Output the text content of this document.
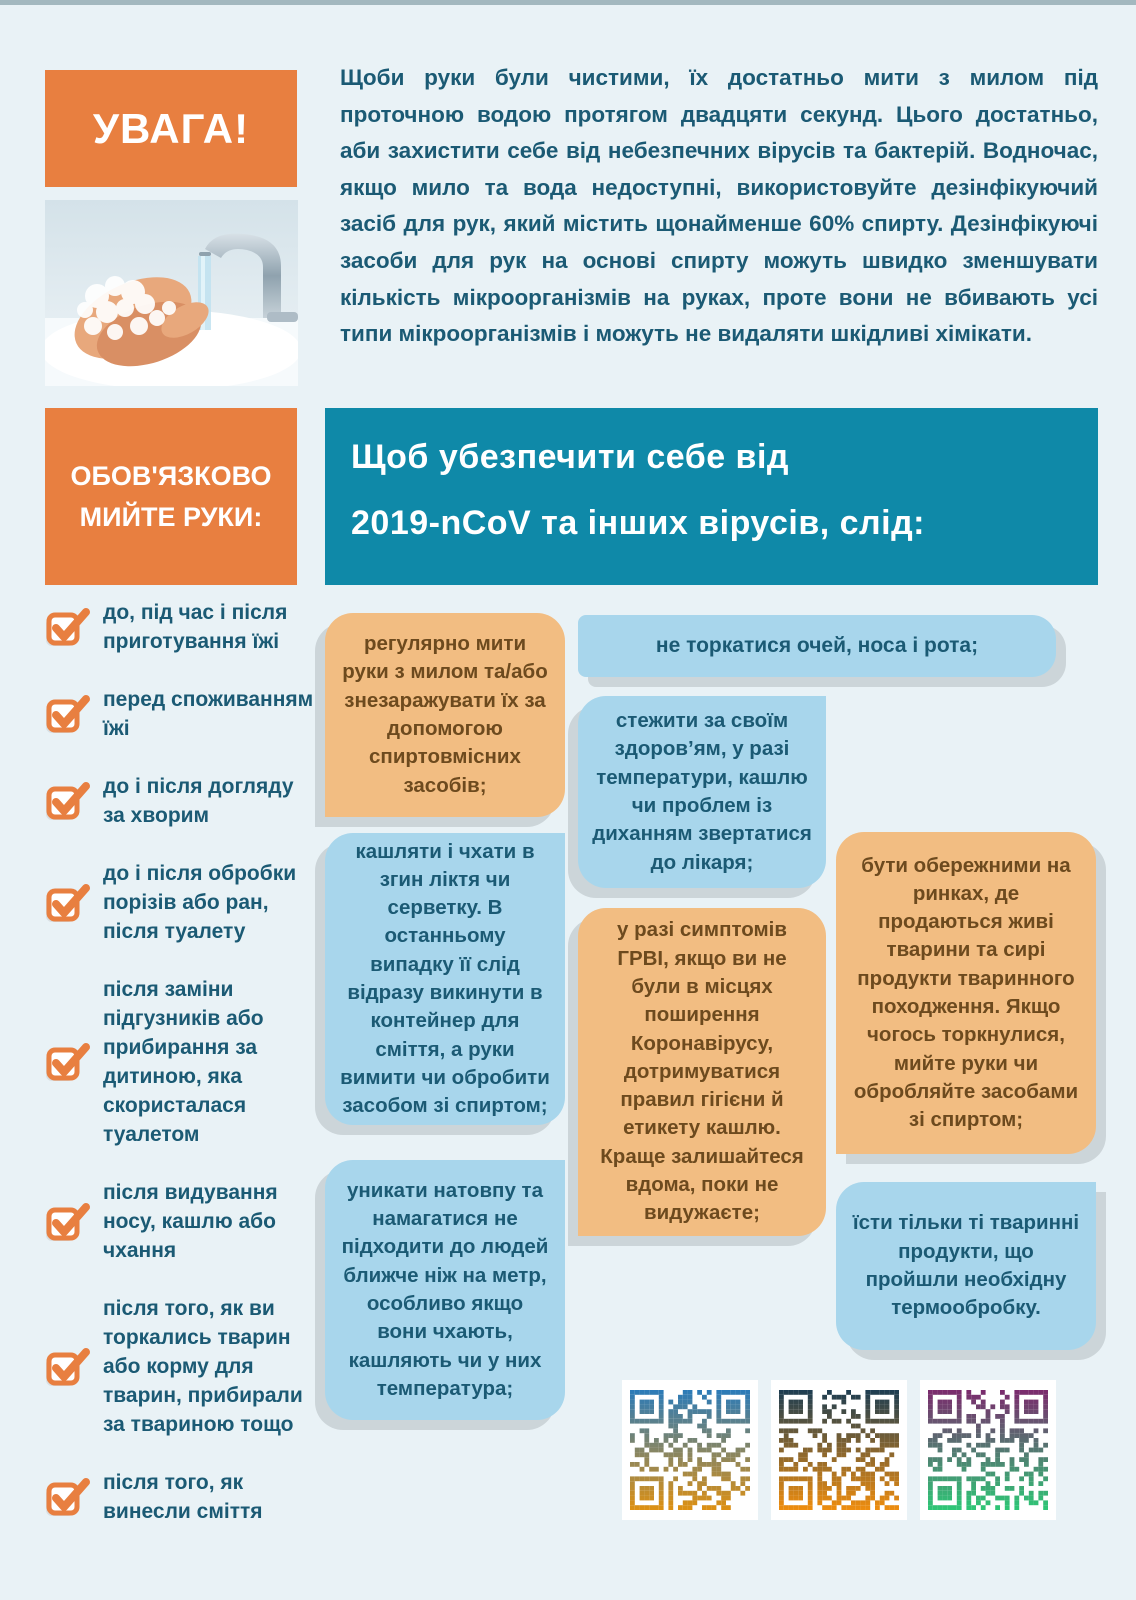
УВАГА!

Щоби руки були чистими, їх достатньо мити з милом під проточною водою протягом двадцяти секунд. Цього достатньо, аби захистити себе від небезпечних вірусів та бактерій. Водночас, якщо мило та вода недоступні, використовуйте дезінфікуючий засіб для рук, який містить щонайменше 60% спирту. Дезінфікуючі засоби для рук на основі спирту можуть швидко зменшувати кількість мікроорганізмів на руках, проте вони не вбивають усі типи мікроорганізмів і можуть не видаляти шкідливі хімікати.

ОБОВ'ЯЗКОВО МИЙТЕ РУКИ:
Щоб убезпечити себе від
2019-nCoV та інших вірусів, слід:
до, під час і після приготування їжі
перед споживанням їжі
до і після догляду за хворим
до і після обробки порізів або ран, після туалету
після заміни підгузників або прибирання за дитиною, яка скористалася туалетом
після видування носу, кашлю або чхання
після того, як ви торкались тварин або корму для тварин, прибирали за твариною тощо
після того, як винесли сміття
регулярно мити руки з милом та/або знезаражувати їх за допомогою спиртовмісних засобів;
кашляти і чхати в згин ліктя чи серветку. В останньому випадку її слід відразу викинути в контейнер для сміття, а руки вимити чи обробити засобом зі спиртом;
уникати натовпу та намагатися не підходити до людей ближче ніж на метр, особливо якщо вони чхають, кашляють чи у них температура;
не торкатися очей, носа і рота;
стежити за своїм здоров’ям, у разі температури, кашлю чи проблем із диханням звертатися до лікаря;
у разі симптомів ГРВІ, якщо ви не були в місцях поширення Коронавірусу, дотримуватися правил гігієни й етикету кашлю. Краще залишайтеся вдома, поки не видужаєте;
бути обережними на ринках, де продаються живі тварини та сирі продукти тваринного походження. Якщо чогось торкнулися, мийте руки чи обробляйте засобами зі спиртом;
їсти тільки ті тваринні продукти, що пройшли необхідну термообробку.
